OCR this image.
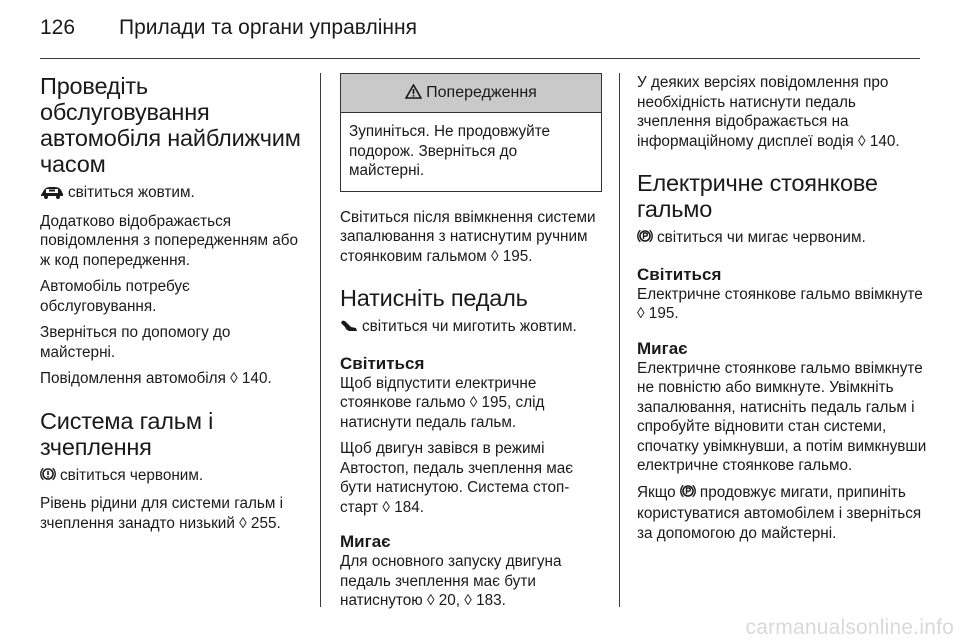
126 Прилади та органи управління
Проведіть обслуговування автомобіля найближчим часом

світиться жовтим.

Додатково відображається повідомлення з попередженням або ж код попередження.

Автомобіль потребує обслуговування.

Зверніться по допомогу до майстерні.

Повідомлення автомобіля ◊ 140.

Система гальм і зчеплення

світиться червоним.

Рівень рідини для системи гальм і зчеплення занадто низький ◊ 255.

Попередження

Зупиніться. Не продовжуйте подорож. Зверніться до майстерні.

Світиться після ввімкнення системи запалювання з натиснутим ручним стоянковим гальмом ◊ 195.

Натисніть педаль

світиться чи миготить жовтим.

Світиться

Щоб відпустити електричне стоянкове гальмо ◊ 195, слід натиснути педаль гальм.

Щоб двигун завівся в режимі Автостоп, педаль зчеплення має бути натиснутою. Система стоп-старт ◊ 184.

Мигає

Для основного запуску двигуна педаль зчеплення має бути натиснутою ◊ 20, ◊ 183.

У деяких версіях повідомлення про необхідність натиснути педаль зчеплення відображається на інформаційному дисплеї водія ◊ 140.

Електричне стоянкове гальмо

світиться чи мигає червоним.

Світиться

Електричне стоянкове гальмо ввімкнуте ◊ 195.

Мигає

Електричне стоянкове гальмо ввімкнуте не повністю або вимкнуте. Увімкніть запалювання, натисніть педаль гальм і спробуйте відновити стан системи, спочатку увімкнувши, а потім вимкнувши електричне стоянкове гальмо.

Якщо продовжує мигати, припиніть користуватися автомобілем і зверніться за допомогою до майстерні.

carmanualsonline.info
